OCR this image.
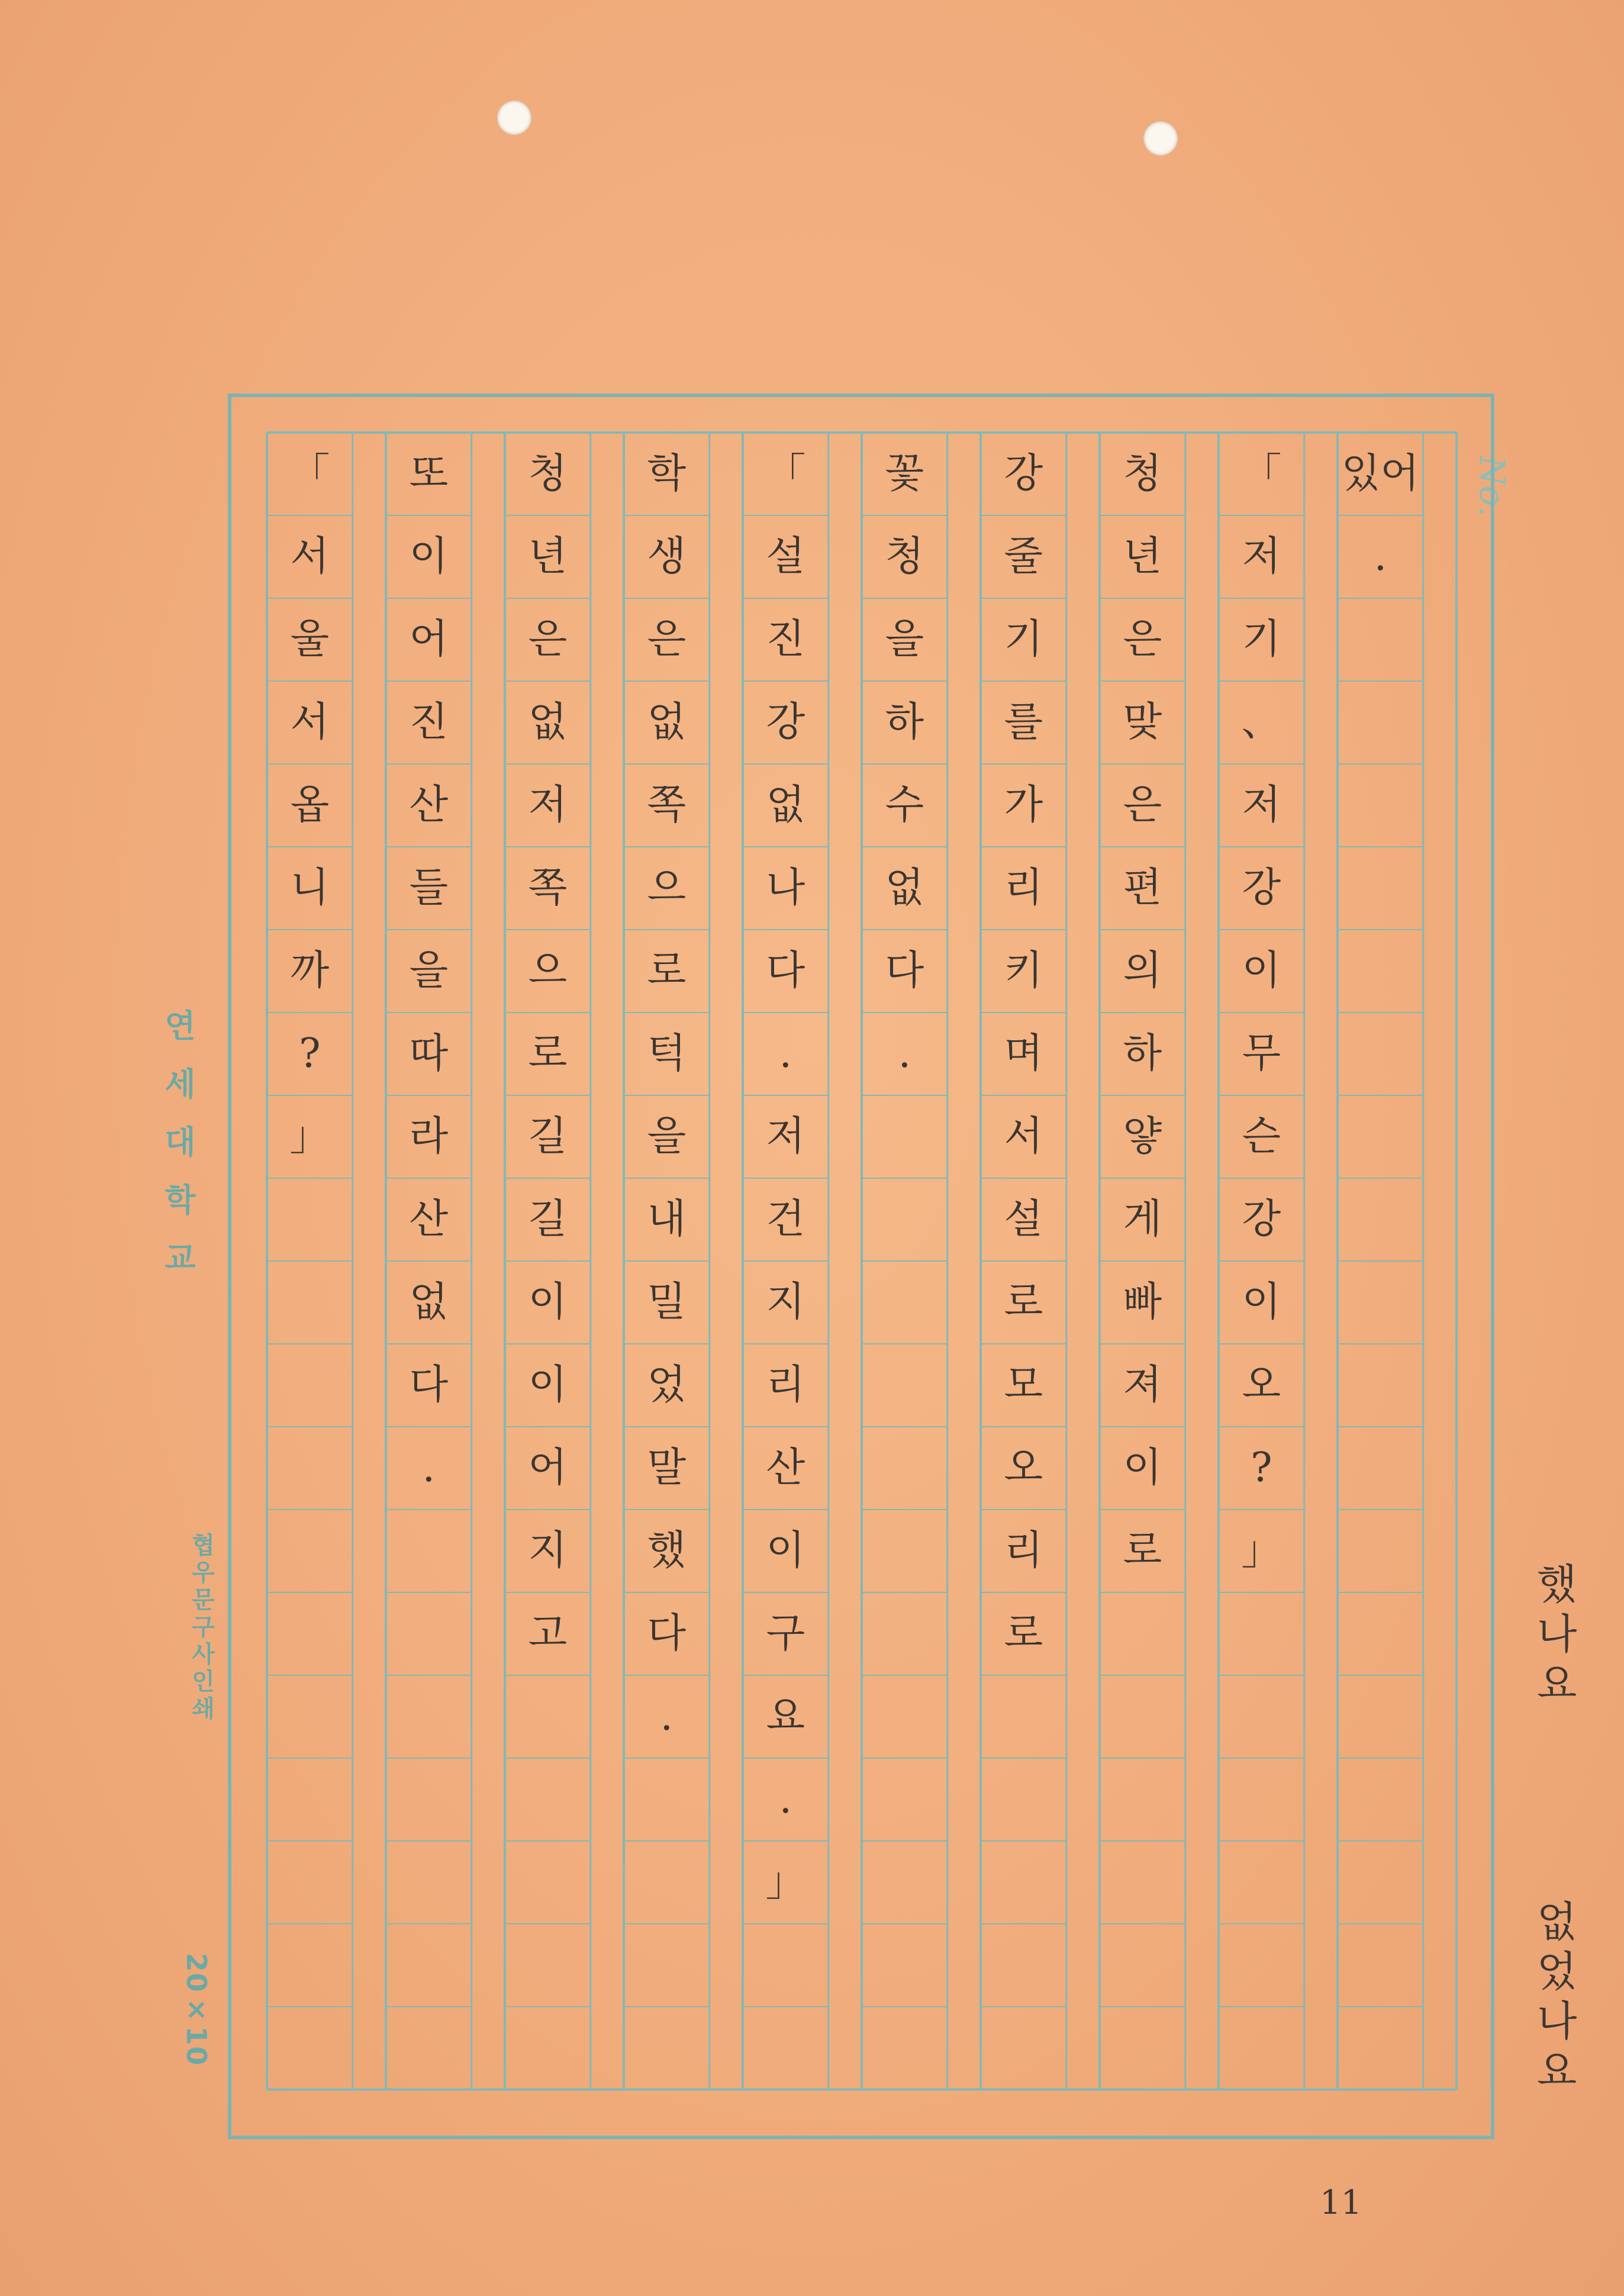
연세대학교
협우문구사인쇄
20×10
No.
있어
.
「
저
기
、
저
강
이
무
슨
강
이
오
?
」
청
년
은
맞
은
편
의
하
얗
게
빠
져
이
로
강
줄
기
를
가
리
키
며
서
설
로
모
오
리
로
꽃
청
을
하
수
없
다
.
「
설
진
강
없
나
다
.
저
건
지
리
산
이
구
요
.
」
학
생
은
없
쪽
으
로
턱
을
내
밀
었
말
했
다
.
청
년
은
없
저
쪽
으
로
길
길
이
이
어
지
고
또
이
어
진
산
들
을
따
라
산
없
다
.
「
서
울
서
옵
니
까
?
」
했나요
없었나요
11
